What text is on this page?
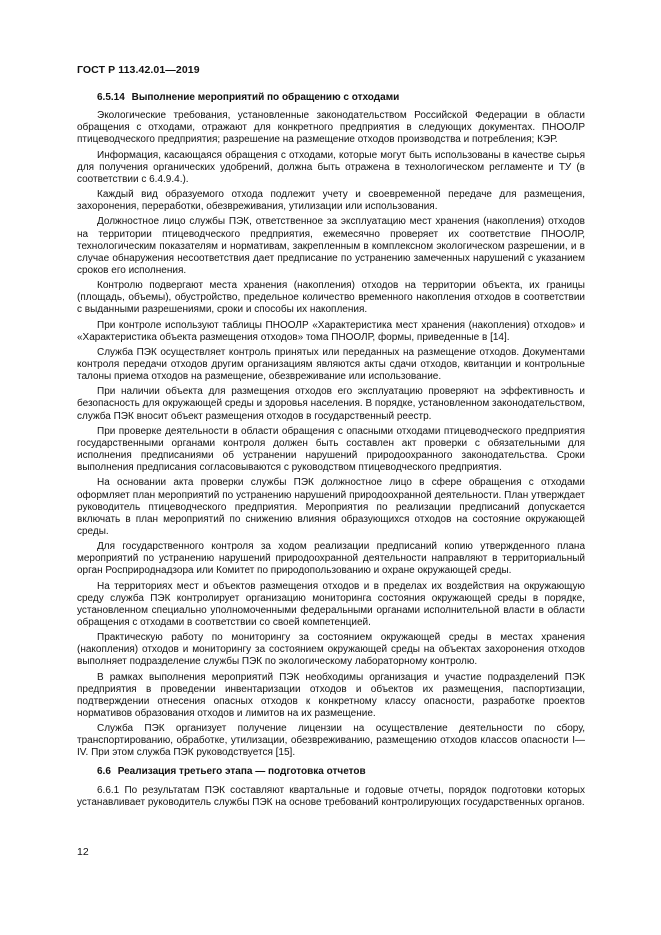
ГОСТ Р 113.42.01—2019

6.5.14 Выполнение мероприятий по обращению с отходами

Экологические требования, установленные законодательством Российской Федерации в области обращения с отходами, отражают для конкретного предприятия в следующих документах. ПНООЛР птицеводческого предприятия; разрешение на размещение отходов производства и потребления; КЭР.

Информация, касающаяся обращения с отходами, которые могут быть использованы в качестве сырья для получения органических удобрений, должна быть отражена в технологическом регламенте и ТУ (в соответствии с 6.4.9.4.).

Каждый вид образуемого отхода подлежит учету и своевременной передаче для размещения, захоронения, переработки, обезвреживания, утилизации или использования.

Должностное лицо службы ПЭК, ответственное за эксплуатацию мест хранения (накопления) отходов на территории птицеводческого предприятия, ежемесячно проверяет их соответствие ПНООЛР, технологическим показателям и нормативам, закрепленным в комплексном экологическом разрешении, и в случае обнаружения несоответствия дает предписание по устранению замеченных нарушений с указанием сроков его исполнения.

Контролю подвергают места хранения (накопления) отходов на территории объекта, их границы (площадь, объемы), обустройство, предельное количество временного накопления отходов в соответствии с выданными разрешениями, сроки и способы их накопления.

При контроле используют таблицы ПНООЛР «Характеристика мест хранения (накопления) отходов» и «Характеристика объекта размещения отходов» тома ПНООЛР, формы, приведенные в [14].

Служба ПЭК осуществляет контроль принятых или переданных на размещение отходов. Документами контроля передачи отходов другим организациям являются акты сдачи отходов, квитанции и контрольные талоны приема отходов на размещение, обезвреживание или использование.

При наличии объекта для размещения отходов его эксплуатацию проверяют на эффективность и безопасность для окружающей среды и здоровья населения. В порядке, установленном законодательством, служба ПЭК вносит объект размещения отходов в государственный реестр.

При проверке деятельности в области обращения с опасными отходами птицеводческого предприятия государственными органами контроля должен быть составлен акт проверки с обязательными для исполнения предписаниями об устранении нарушений природоохранного законодательства. Сроки выполнения предписания согласовываются с руководством птицеводческого предприятия.

На основании акта проверки службы ПЭК должностное лицо в сфере обращения с отходами оформляет план мероприятий по устранению нарушений природоохранной деятельности. План утверждает руководитель птицеводческого предприятия. Мероприятия по реализации предписаний допускается включать в план мероприятий по снижению влияния образующихся отходов на состояние окружающей среды.

Для государственного контроля за ходом реализации предписаний копию утвержденного плана мероприятий по устранению нарушений природоохранной деятельности направляют в территориальный орган Росприроднадзора или Комитет по природопользованию и охране окружающей среды.

На территориях мест и объектов размещения отходов и в пределах их воздействия на окружающую среду служба ПЭК контролирует организацию мониторинга состояния окружающей среды в порядке, установленном специально уполномоченными федеральными органами исполнительной власти в области обращения с отходами в соответствии со своей компетенцией.

Практическую работу по мониторингу за состоянием окружающей среды в местах хранения (накопления) отходов и мониторингу за состоянием окружающей среды на объектах захоронения отходов выполняет подразделение службы ПЭК по экологическому лабораторному контролю.

В рамках выполнения мероприятий ПЭК необходимы организация и участие подразделений ПЭК предприятия в проведении инвентаризации отходов и объектов их размещения, паспортизации, подтверждении отнесения опасных отходов к конкретному классу опасности, разработке проектов нормативов образования отходов и лимитов на их размещение.

Служба ПЭК организует получение лицензии на осуществление деятельности по сбору, транспортированию, обработке, утилизации, обезвреживанию, размещению отходов классов опасности I—IV. При этом служба ПЭК руководствуется [15].

6.6 Реализация третьего этапа — подготовка отчетов

6.6.1 По результатам ПЭК составляют квартальные и годовые отчеты, порядок подготовки которых устанавливает руководитель службы ПЭК на основе требований контролирующих государственных органов.

12
